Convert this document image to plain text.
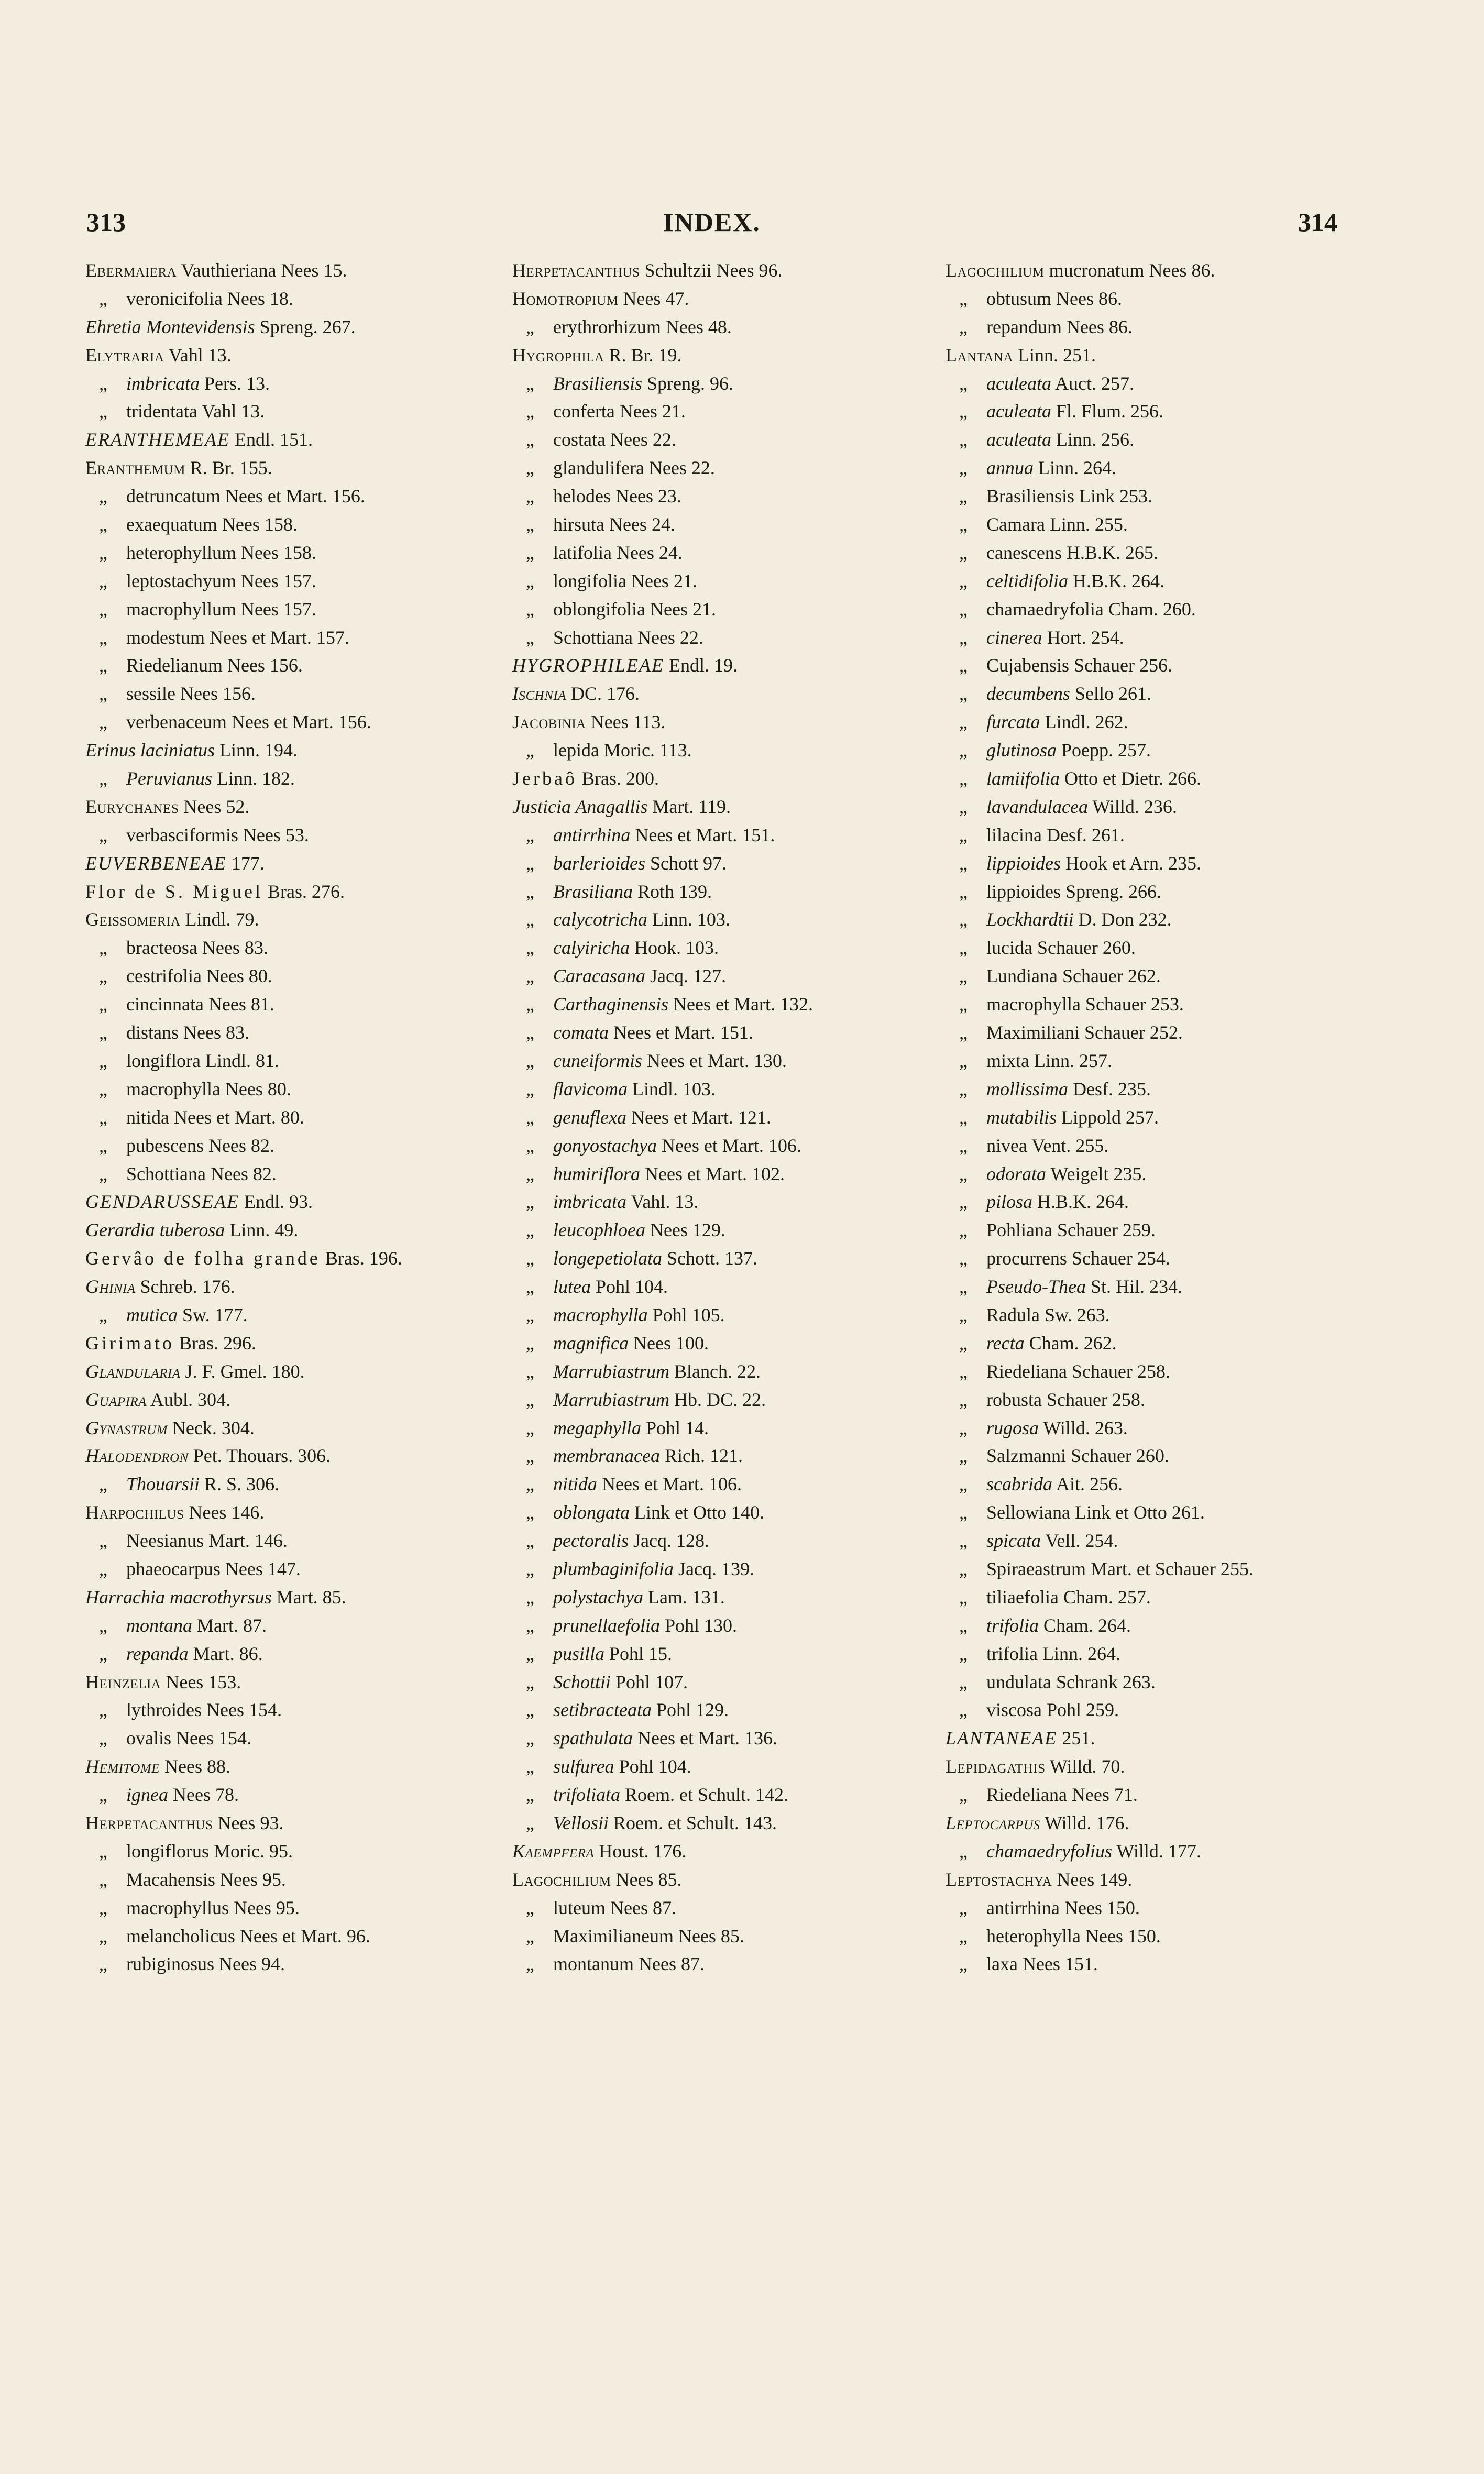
313	INDEX.	314
Ebermaiera Vauthieriana Nees 15.
„ veronicifolia Nees 18.
Ehretia Montevidensis Spreng. 267.
Elytraria Vahl 13.
„ imbricata Pers. 13.
„ tridentata Vahl 13.
ERANTHEMEAE Endl. 151.
Eranthemum R. Br. 155.
„ detruncatum Nees et Mart. 156.
„ exaequatum Nees 158.
„ heterophyllum Nees 158.
„ leptostachyum Nees 157.
„ macrophyllum Nees 157.
„ modestum Nees et Mart. 157.
„ Riedelianum Nees 156.
„ sessile Nees 156.
„ verbenaceum Nees et Mart. 156.
Erinus laciniatus Linn. 194.
„ Peruvianus Linn. 182.
Eurychanes Nees 52.
„ verbasciformis Nees 53.
EUVERBENEAE 177.
Flor de S. Miguel Bras. 276.
Geissomeria Lindl. 79.
„ bracteosa Nees 83.
„ cestrifolia Nees 80.
„ cincinnata Nees 81.
„ distans Nees 83.
„ longiflora Lindl. 81.
„ macrophylla Nees 80.
„ nitida Nees et Mart. 80.
„ pubescens Nees 82.
„ Schottiana Nees 82.
GENDARUSSEAE Endl. 93.
Gerardia tuberosa Linn. 49.
Gervâo de folha grande Bras. 196.
Ghinia Schreb. 176.
„ mutica Sw. 177.
Girimato Bras. 296.
Glandularia J. F. Gmel. 180.
Guapira Aubl. 304.
Gynastrum Neck. 304.
Halodendron Pet. Thouars. 306.
„ Thouarsii R. S. 306.
Harpochilus Nees 146.
„ Neesianus Mart. 146.
„ phaeocarpus Nees 147.
Harrachia macrothyrsus Mart. 85.
„ montana Mart. 87.
„ repanda Mart. 86.
Heinzelia Nees 153.
„ lythroides Nees 154.
„ ovalis Nees 154.
Hemitome Nees 88.
„ ignea Nees 78.
Herpetacanthus Nees 93.
„ longiflorus Moric. 95.
„ Macahensis Nees 95.
„ macrophyllus Nees 95.
„ melancholicus Nees et Mart. 96.
„ rubiginosus Nees 94.
Herpetacanthus Schultzii Nees 96.
Homotropium Nees 47.
„ erythrorhizum Nees 48.
Hygrophila R. Br. 19.
„ Brasiliensis Spreng. 96.
„ conferta Nees 21.
„ costata Nees 22.
„ glandulifera Nees 22.
„ helodes Nees 23.
„ hirsuta Nees 24.
„ latifolia Nees 24.
„ longifolia Nees 21.
„ oblongifolia Nees 21.
„ Schottiana Nees 22.
HYGROPHILEAE Endl. 19.
Ischnia DC. 176.
Jacobinia Nees 113.
„ lepida Moric. 113.
Jerbaô Bras. 200.
Justicia Anagallis Mart. 119.
„ antirrhina Nees et Mart. 151.
„ barlerioides Schott 97.
„ Brasiliana Roth 139.
„ calycotricha Linn. 103.
„ calyiricha Hook. 103.
„ Caracasana Jacq. 127.
„ Carthaginensis Nees et Mart. 132.
„ comata Nees et Mart. 151.
„ cuneiformis Nees et Mart. 130.
„ flavicoma Lindl. 103.
„ genuflexa Nees et Mart. 121.
„ gonyostachya Nees et Mart. 106.
„ humiriflora Nees et Mart. 102.
„ imbricata Vahl. 13.
„ leucophloea Nees 129.
„ longepetiolata Schott. 137.
„ lutea Pohl 104.
„ macrophylla Pohl 105.
„ magnifica Nees 100.
„ Marrubiastrum Blanch. 22.
„ Marrubiastrum Hb. DC. 22.
„ megaphylla Pohl 14.
„ membranacea Rich. 121.
„ nitida Nees et Mart. 106.
„ oblongata Link et Otto 140.
„ pectoralis Jacq. 128.
„ plumbaginifolia Jacq. 139.
„ polystachya Lam. 131.
„ prunellaefolia Pohl 130.
„ pusilla Pohl 15.
„ Schottii Pohl 107.
„ setibracteata Pohl 129.
„ spathulata Nees et Mart. 136.
„ sulfurea Pohl 104.
„ trifoliata Roem. et Schult. 142.
„ Vellosii Roem. et Schult. 143.
Kaempfera Houst. 176.
Lagochilium Nees 85.
„ luteum Nees 87.
„ Maximilianeum Nees 85.
„ montanum Nees 87.
Lagochilium mucronatum Nees 86.
„ obtusum Nees 86.
„ repandum Nees 86.
Lantana Linn. 251.
„ aculeata Auct. 257.
„ aculeata Fl. Flum. 256.
„ aculeata Linn. 256.
„ annua Linn. 264.
„ Brasiliensis Link 253.
„ Camara Linn. 255.
„ canescens H.B.K. 265.
„ celtidifolia H.B.K. 264.
„ chamaedryfolia Cham. 260.
„ cinerea Hort. 254.
„ Cujabensis Schauer 256.
„ decumbens Sello 261.
„ furcata Lindl. 262.
„ glutinosa Poepp. 257.
„ lamiifolia Otto et Dietr. 266.
„ lavandulacea Willd. 236.
„ lilacina Desf. 261.
„ lippioides Hook et Arn. 235.
„ lippioides Spreng. 266.
„ Lockhardtii D. Don 232.
„ lucida Schauer 260.
„ Lundiana Schauer 262.
„ macrophylla Schauer 253.
„ Maximiliani Schauer 252.
„ mixta Linn. 257.
„ mollissima Desf. 235.
„ mutabilis Lippold 257.
„ nivea Vent. 255.
„ odorata Weigelt 235.
„ pilosa H.B.K. 264.
„ Pohliana Schauer 259.
„ procurrens Schauer 254.
„ Pseudo-Thea St. Hil. 234.
„ Radula Sw. 263.
„ recta Cham. 262.
„ Riedeliana Schauer 258.
„ robusta Schauer 258.
„ rugosa Willd. 263.
„ Salzmanni Schauer 260.
„ scabrida Ait. 256.
„ Sellowiana Link et Otto 261.
„ spicata Vell. 254.
„ Spiraeastrum Mart. et Schauer 255.
„ tiliaefolia Cham. 257.
„ trifolia Cham. 264.
„ trifolia Linn. 264.
„ undulata Schrank 263.
„ viscosa Pohl 259.
LANTANEAE 251.
Lepidagathis Willd. 70.
„ Riedeliana Nees 71.
Leptocarpus Willd. 176.
„ chamaedryfolius Willd. 177.
Leptostachya Nees 149.
„ antirrhina Nees 150.
„ heterophylla Nees 150.
„ laxa Nees 151.
